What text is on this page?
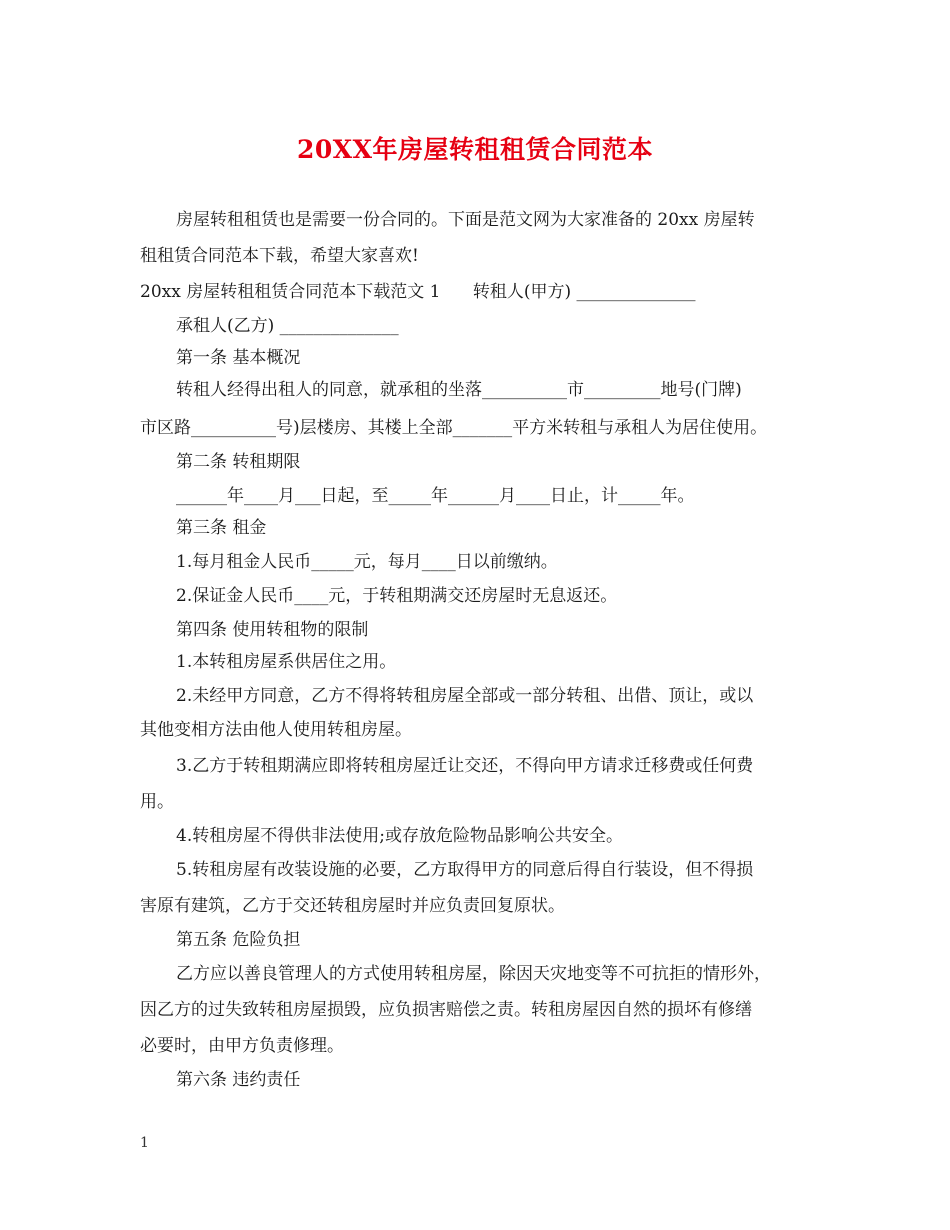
20XX年房屋转租租赁合同范本
房屋转租租赁也是需要一份合同的。下面是范文网为大家准备的 20xx 房屋转
租租赁合同范本下载，希望大家喜欢!
20xx 房屋转租租赁合同范本下载范文 1      转租人(甲方) ______________
承租人(乙方) ______________
第一条 基本概况
转租人经得出租人的同意，就承租的坐落__________市_________地号(门牌)
市区路__________号)层楼房、其楼上全部_______平方米转租与承租人为居住使用。
第二条 转租期限
______年____月___日起，至_____年______月____日止，计_____年。
第三条 租金
1.每月租金人民币_____元，每月____日以前缴纳。
2.保证金人民币____元，于转租期满交还房屋时无息返还。
第四条 使用转租物的限制
1.本转租房屋系供居住之用。
2.未经甲方同意，乙方不得将转租房屋全部或一部分转租、出借、顶让，或以
其他变相方法由他人使用转租房屋。
3.乙方于转租期满应即将转租房屋迁让交还，不得向甲方请求迁移费或任何费
用。
4.转租房屋不得供非法使用;或存放危险物品影响公共安全。
5.转租房屋有改装设施的必要，乙方取得甲方的同意后得自行装设，但不得损
害原有建筑，乙方于交还转租房屋时并应负责回复原状。
第五条 危险负担
乙方应以善良管理人的方式使用转租房屋，除因天灾地变等不可抗拒的情形外，
因乙方的过失致转租房屋损毁，应负损害赔偿之责。转租房屋因自然的损坏有修缮
必要时，由甲方负责修理。
第六条 违约责任
1
